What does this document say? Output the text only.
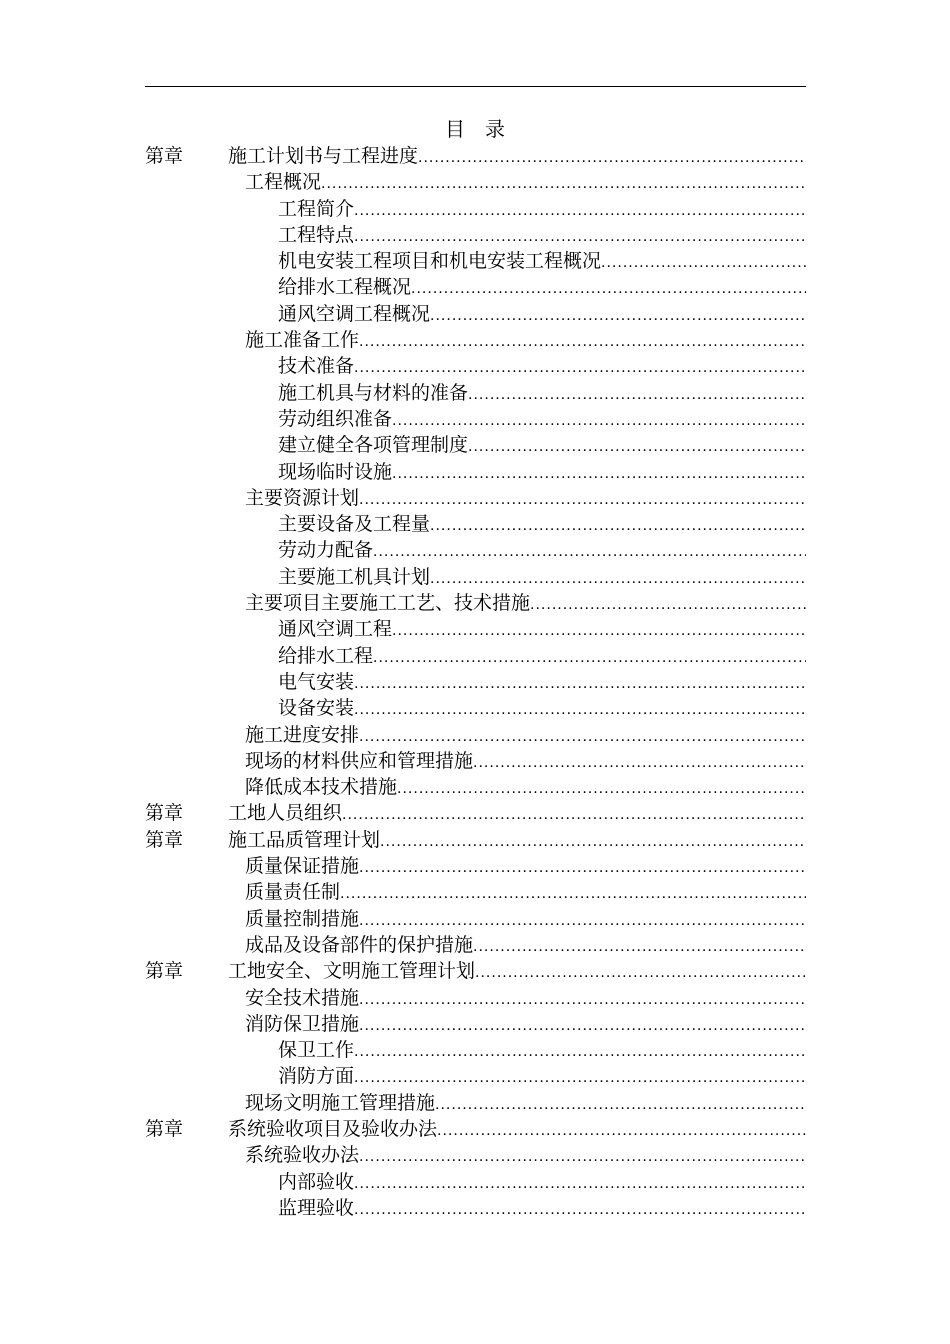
目　录
第章 施工计划书与工程进度
.....
工程概况
.....
工程简介
.....
工程特点
.....
机电安装工程项目和机电安装工程概况
.....
给排水工程概况
.....
通风空调工程概况
.....
施工准备工作
.....
技术准备
.....
施工机具与材料的准备
.....
劳动组织准备
.....
建立健全各项管理制度
.....
现场临时设施
.....
主要资源计划
.....
主要设备及工程量
.....
劳动力配备
.....
主要施工机具计划
.....
主要项目主要施工工艺、技术措施
.....
通风空调工程
.....
给排水工程
.....
电气安装
.....
设备安装
.....
施工进度安排
.....
现场的材料供应和管理措施
.....
降低成本技术措施
.....
第章 工地人员组织
.....
第章 施工品质管理计划
.....
质量保证措施
.....
质量责任制
.....
质量控制措施
.....
成品及设备部件的保护措施
.....
第章 工地安全、文明施工管理计划
.....
安全技术措施
.....
消防保卫措施
.....
保卫工作
.....
消防方面
.....
现场文明施工管理措施
.....
第章 系统验收项目及验收办法
.....
系统验收办法
.....
内部验收
.....
监理验收
.....
